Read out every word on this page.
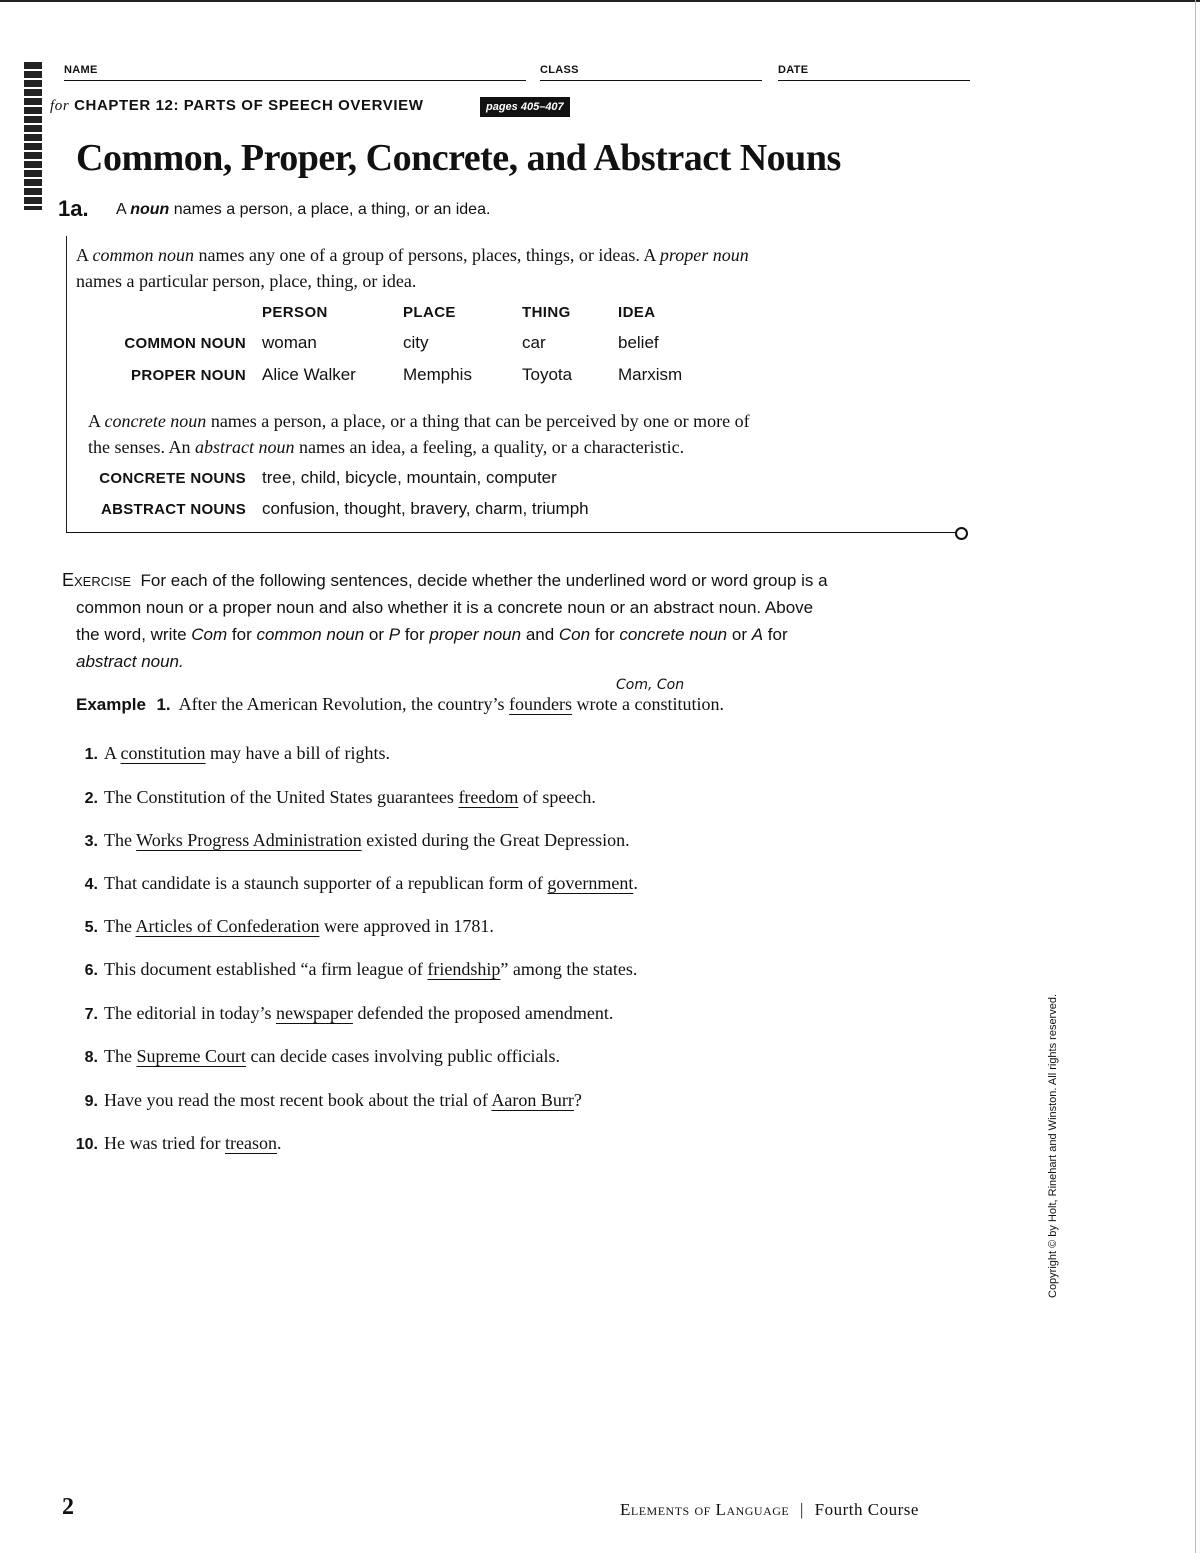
NAME	CLASS	DATE
for CHAPTER 12: PARTS OF SPEECH OVERVIEW	pages 405–407
Common, Proper, Concrete, and Abstract Nouns
1a. A noun names a person, a place, a thing, or an idea.
A common noun names any one of a group of persons, places, things, or ideas. A proper noun
names a particular person, place, thing, or idea.
PERSON	PLACE	THING	IDEA
COMMON NOUN woman	city	car	belief
PROPER NOUN Alice Walker	Memphis	Toyota	Marxism
A concrete noun names a person, a place, or a thing that can be perceived by one or more of
the senses. An abstract noun names an idea, a feeling, a quality, or a characteristic.
CONCRETE NOUNS tree, child, bicycle, mountain, computer
ABSTRACT NOUNS confusion, thought, bravery, charm, triumph
Exercise For each of the following sentences, decide whether the underlined word or word group is a
common noun or a proper noun and also whether it is a concrete noun or an abstract noun. Above
the word, write Com for common noun or P for proper noun and Con for concrete noun or A for
abstract noun.
Com, Con
Example 1. After the American Revolution, the country’s founders wrote a constitution.
1. A constitution may have a bill of rights.
2. The Constitution of the United States guarantees freedom of speech.
3. The Works Progress Administration existed during the Great Depression.
4. That candidate is a staunch supporter of a republican form of government.
5. The Articles of Confederation were approved in 1781.
6. This document established “a firm league of friendship” among the states.
7. The editorial in today’s newspaper defended the proposed amendment.
8. The Supreme Court can decide cases involving public officials.
9. Have you read the most recent book about the trial of Aaron Burr?
10. He was tried for treason.	Copyright © by Holt, Rinehart and Winston. All rights reserved.
2	Elements of Language | Fourth Course
